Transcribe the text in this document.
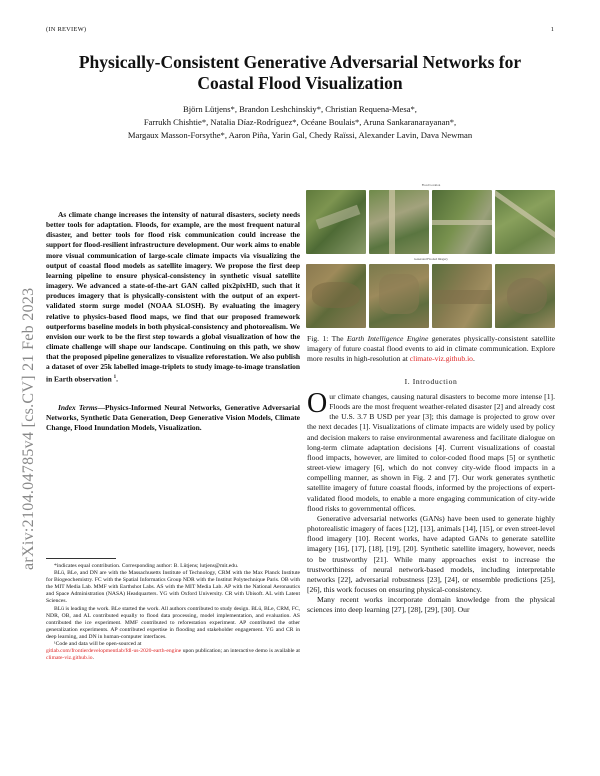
(IN REVIEW)	1
arXiv:2104.04785v4 [cs.CV] 21 Feb 2023
Physically-Consistent Generative Adversarial Networks for Coastal Flood Visualization
Björn Lütjens*, Brandon Leshchinskiy*, Christian Requena-Mesa*,
Farrukh Chishtie*, Natalia Díaz-Rodríguez*, Océane Boulais*, Aruna Sankaranarayanan*,
Margaux Masson-Forsythe*, Aaron Piña, Yarin Gal, Chedy Raïssi, Alexander Lavin, Dava Newman
As climate change increases the intensity of natural disasters, society needs better tools for adaptation. Floods, for example, are the most frequent natural disaster, and better tools for flood risk communication could increase the support for flood-resilient infrastructure development. Our work aims to enable more visual communication of large-scale climate impacts via visualizing the output of coastal flood models as satellite imagery. We propose the first deep learning pipeline to ensure physical-consistency in synthetic visual satellite imagery. We advanced a state-of-the-art GAN called pix2pixHD, such that it produces imagery that is physically-consistent with the output of an expert-validated storm surge model (NOAA SLOSH). By evaluating the imagery relative to physics-based flood maps, we find that our proposed framework outperforms baseline models in both physical-consistency and photorealism. We envision our work to be the first step towards a global visualization of how the climate challenge will shape our landscape. Continuing on this path, we show that the proposed pipeline generalizes to visualize reforestation. We also publish a dataset of over 25k labelled image-triplets to study image-to-image translation in Earth observation $^1$.
Index Terms—Physics-Informed Neural Networks, Generative Adversarial Networks, Synthetic Data Generation, Deep Generative Vision Models, Climate Change, Flood Inundation Models, Visualization.

*indicates equal contribution. Corresponding author: B. Lütjens; lutjens@mit.edu.

BLü, BLe, and DN are with the Massachusetts Institute of Technology, CRM with the Max Planck Institute for Biogeochemistry. FC with the Spatial Informatics Group NDR with the Institut Polytechnique Paris. OB with the MIT Media Lab. MMF with Earthshot Labs. AS with the MIT Media Lab. AP with the National Aeronautics and Space Administration (NASA) Headquarters. YG with Oxford University. CR with Ubisoft. AL with Latent Sciences.

BLü is leading the work. BLe started the work. All authors contributed to study design. BLü, BLe, CRM, FC, NDR, OB, and AL contributed equally to flood data processing, model implementation, and evaluation. AS contributed the ice experiment. MMF contributed to reforestation experiment. AP contributed the other generalization experiments. AP contributed expertise in flooding and stakeholder engagement. YG and CR in deep learning, and DN in human-computer interfaces.

¹Code and data will be open-sourced at
gitlab.com/frontierdevelopmentlab/fdl-us-2020-earth-engine upon publication; an interactive demo is available at climate-viz.github.io.

Flood Location
Generated Flooded Imagery
Fig. 1: The Earth Intelligence Engine generates physically-consistent satellite imagery of future coastal flood events to aid in climate communication. Explore more results in high-resolution at climate-viz.github.io.
I. Introduction

Our climate changes, causing natural disasters to become more intense [1]. Floods are the most frequent weather-related disaster [2] and already cost the U.S. 3.7 B USD per year [3]; this damage is projected to grow over the next decades [1]. Visualizations of climate impacts are widely used by policy and decision makers to raise environmental awareness and facilitate dialogue on long-term climate adaptation decisions [4]. Current visualizations of coastal flood impacts, however, are limited to color-coded flood maps [5] or synthetic street-view imagery [6], which do not convey city-wide flood impacts in a compelling manner, as shown in Fig. 2 and [7]. Our work generates synthetic satellite imagery of future coastal floods, informed by the projections of expert-validated flood models, to enable a more engaging communication of city-wide flood risks to governmental offices.

Generative adversarial networks (GANs) have been used to generate highly photorealistic imagery of faces [12], [13], animals [14], [15], or even street-level flood imagery [10]. Recent works, have adapted GANs to generate satellite imagery [16], [17], [18], [19], [20]. Synthetic satellite imagery, however, needs to be trustworthy [21]. While many approaches exist to increase the trustworthiness of neural network-based models, including interpretable networks [22], adversarial robustness [23], [24], or ensemble predictions [25], [26], this work focuses on ensuring physical-consistency.

Many recent works incorporate domain knowledge from the physical sciences into deep learning [27], [28], [29], [30]. Our
